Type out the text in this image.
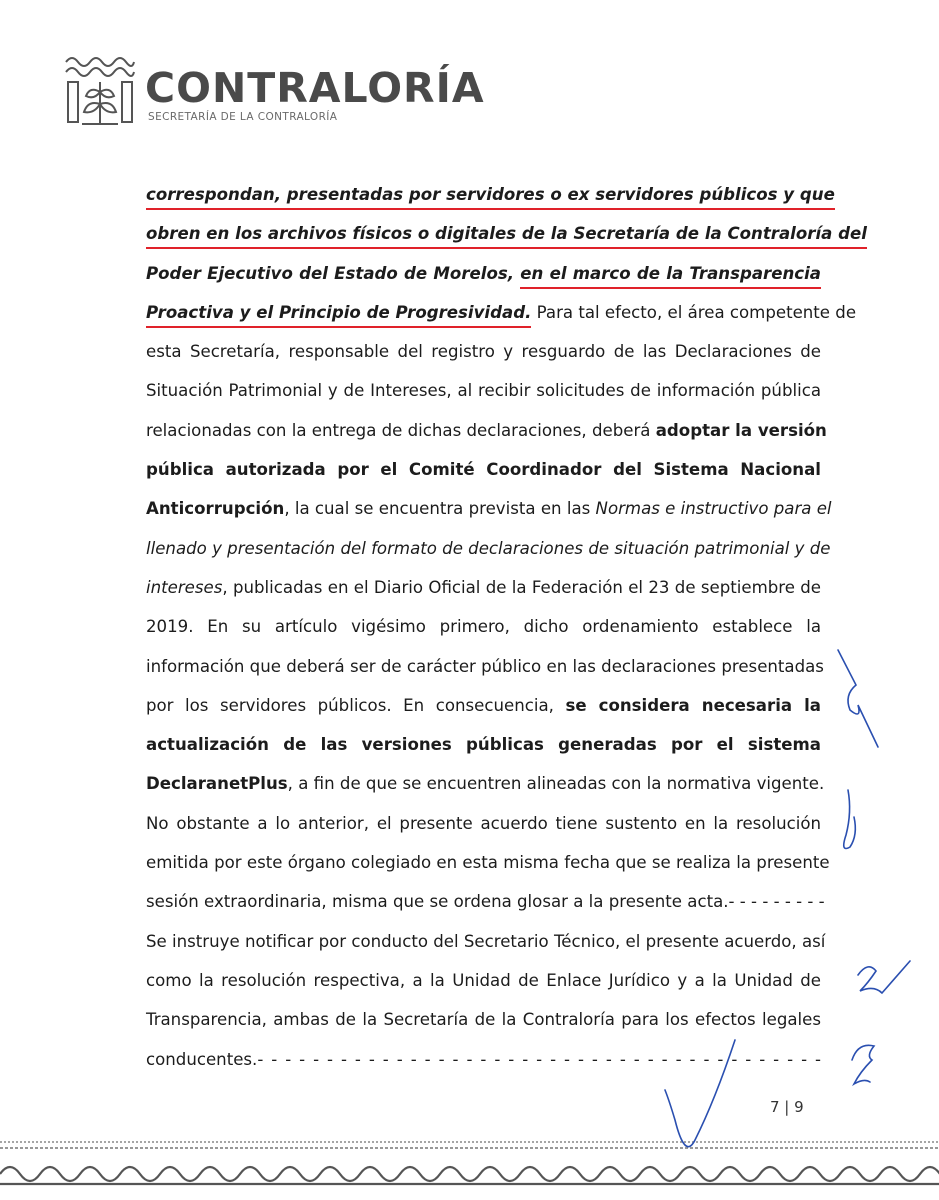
CONTRALORÍA
SECRETARÍA DE LA CONTRALORÍA
correspondan, presentadas por servidores o ex servidores públicos y que
obren en los archivos físicos o digitales de la Secretaría de la Contraloría del
Poder Ejecutivo del Estado de Morelos, en el marco de la Transparencia
Proactiva y el Principio de Progresividad. Para tal efecto, el área competente de
esta Secretaría, responsable del registro y resguardo de las Declaraciones de
Situación Patrimonial y de Intereses, al recibir solicitudes de información pública
relacionadas con la entrega de dichas declaraciones, deberá adoptar la versión
pública autorizada por el Comité Coordinador del Sistema Nacional
Anticorrupción, la cual se encuentra prevista en las Normas e instructivo para el
llenado y presentación del formato de declaraciones de situación patrimonial y de
intereses, publicadas en el Diario Oficial de la Federación el 23 de septiembre de
2019. En su artículo vigésimo primero, dicho ordenamiento establece la
información que deberá ser de carácter público en las declaraciones presentadas
por los servidores públicos. En consecuencia, se considera necesaria la
actualización de las versiones públicas generadas por el sistema
DeclaranetPlus, a fin de que se encuentren alineadas con la normativa vigente.
No obstante a lo anterior, el presente acuerdo tiene sustento en la resolución
emitida por este órgano colegiado en esta misma fecha que se realiza la presente
sesión extraordinaria, misma que se ordena glosar a la presente acta.- - - - - - - - -
Se instruye notificar por conducto del Secretario Técnico, el presente acuerdo, así
como la resolución respectiva, a la Unidad de Enlace Jurídico y a la Unidad de
Transparencia, ambas de la Secretaría de la Contraloría para los efectos legales
conducentes.- - - - - - - - - - - - - - - - - - - - - - - - - - - - - - - - - - - - - - - - -
7 | 9
